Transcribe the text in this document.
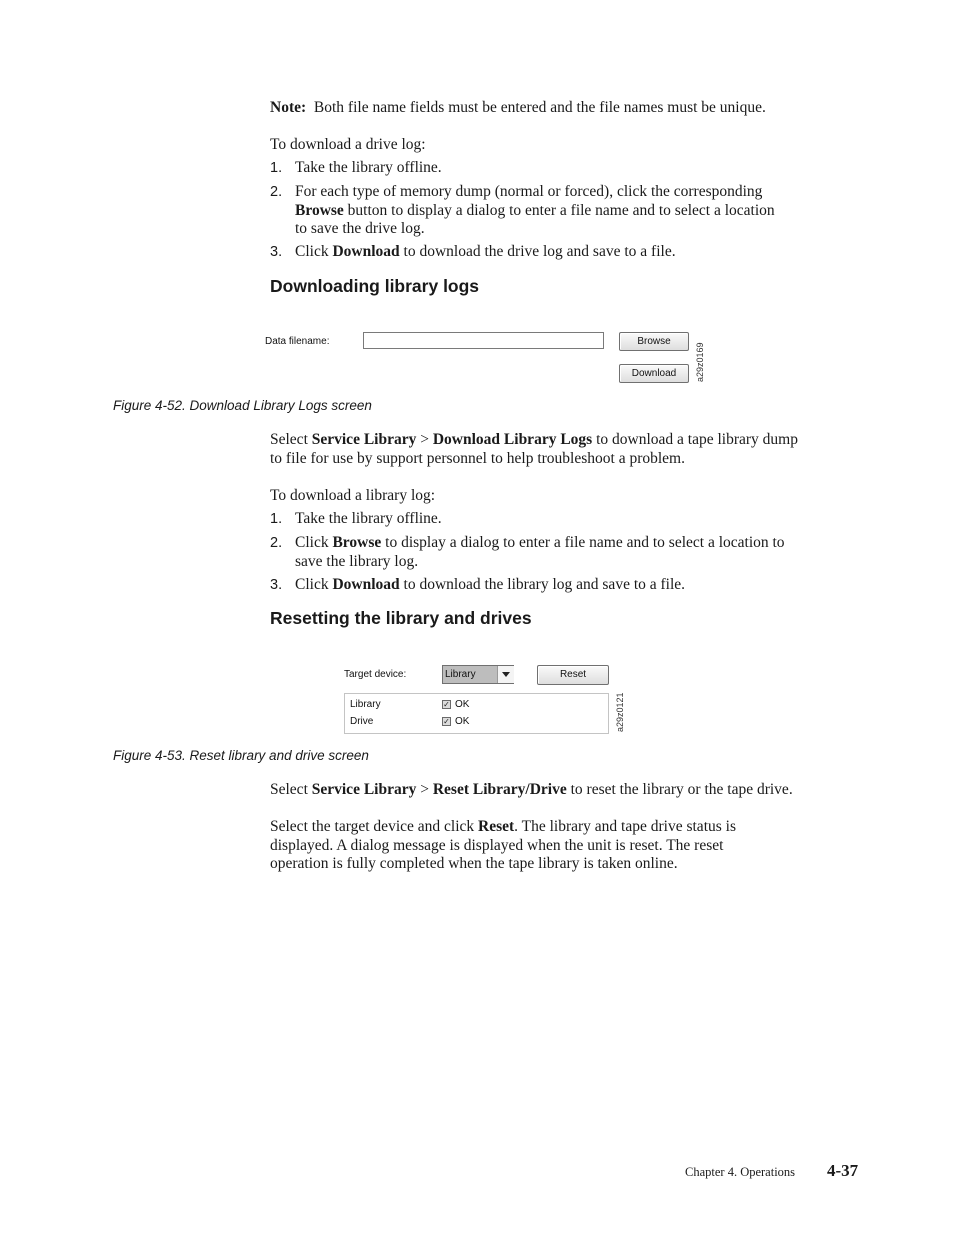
Note: Both file name fields must be entered and the file names must be unique.
To download a drive log:
1. Take the library offline.
2. For each type of memory dump (normal or forced), click the corresponding
Browse button to display a dialog to enter a file name and to select a location
to save the drive log.
3. Click Download to download the drive log and save to a file.
Downloading library logs
Data filename:	Browse
Download	a29z0169
Figure 4-52. Download Library Logs screen
Select Service Library > Download Library Logs to download a tape library dump
to file for use by support personnel to help troubleshoot a problem.
To download a library log:
1. Take the library offline.
2. Click Browse to display a dialog to enter a file name and to select a location to
save the library log.
3. Click Download to download the library log and save to a file.
Resetting the library and drives
Target device:	Library	Reset
Library	✓ OK
Drive	✓ OK	a29z0121
Figure 4-53. Reset library and drive screen
Select Service Library > Reset Library/Drive to reset the library or the tape drive.
Select the target device and click Reset. The library and tape drive status is
displayed. A dialog message is displayed when the unit is reset. The reset
operation is fully completed when the tape library is taken online.
Chapter 4. Operations 4-37
